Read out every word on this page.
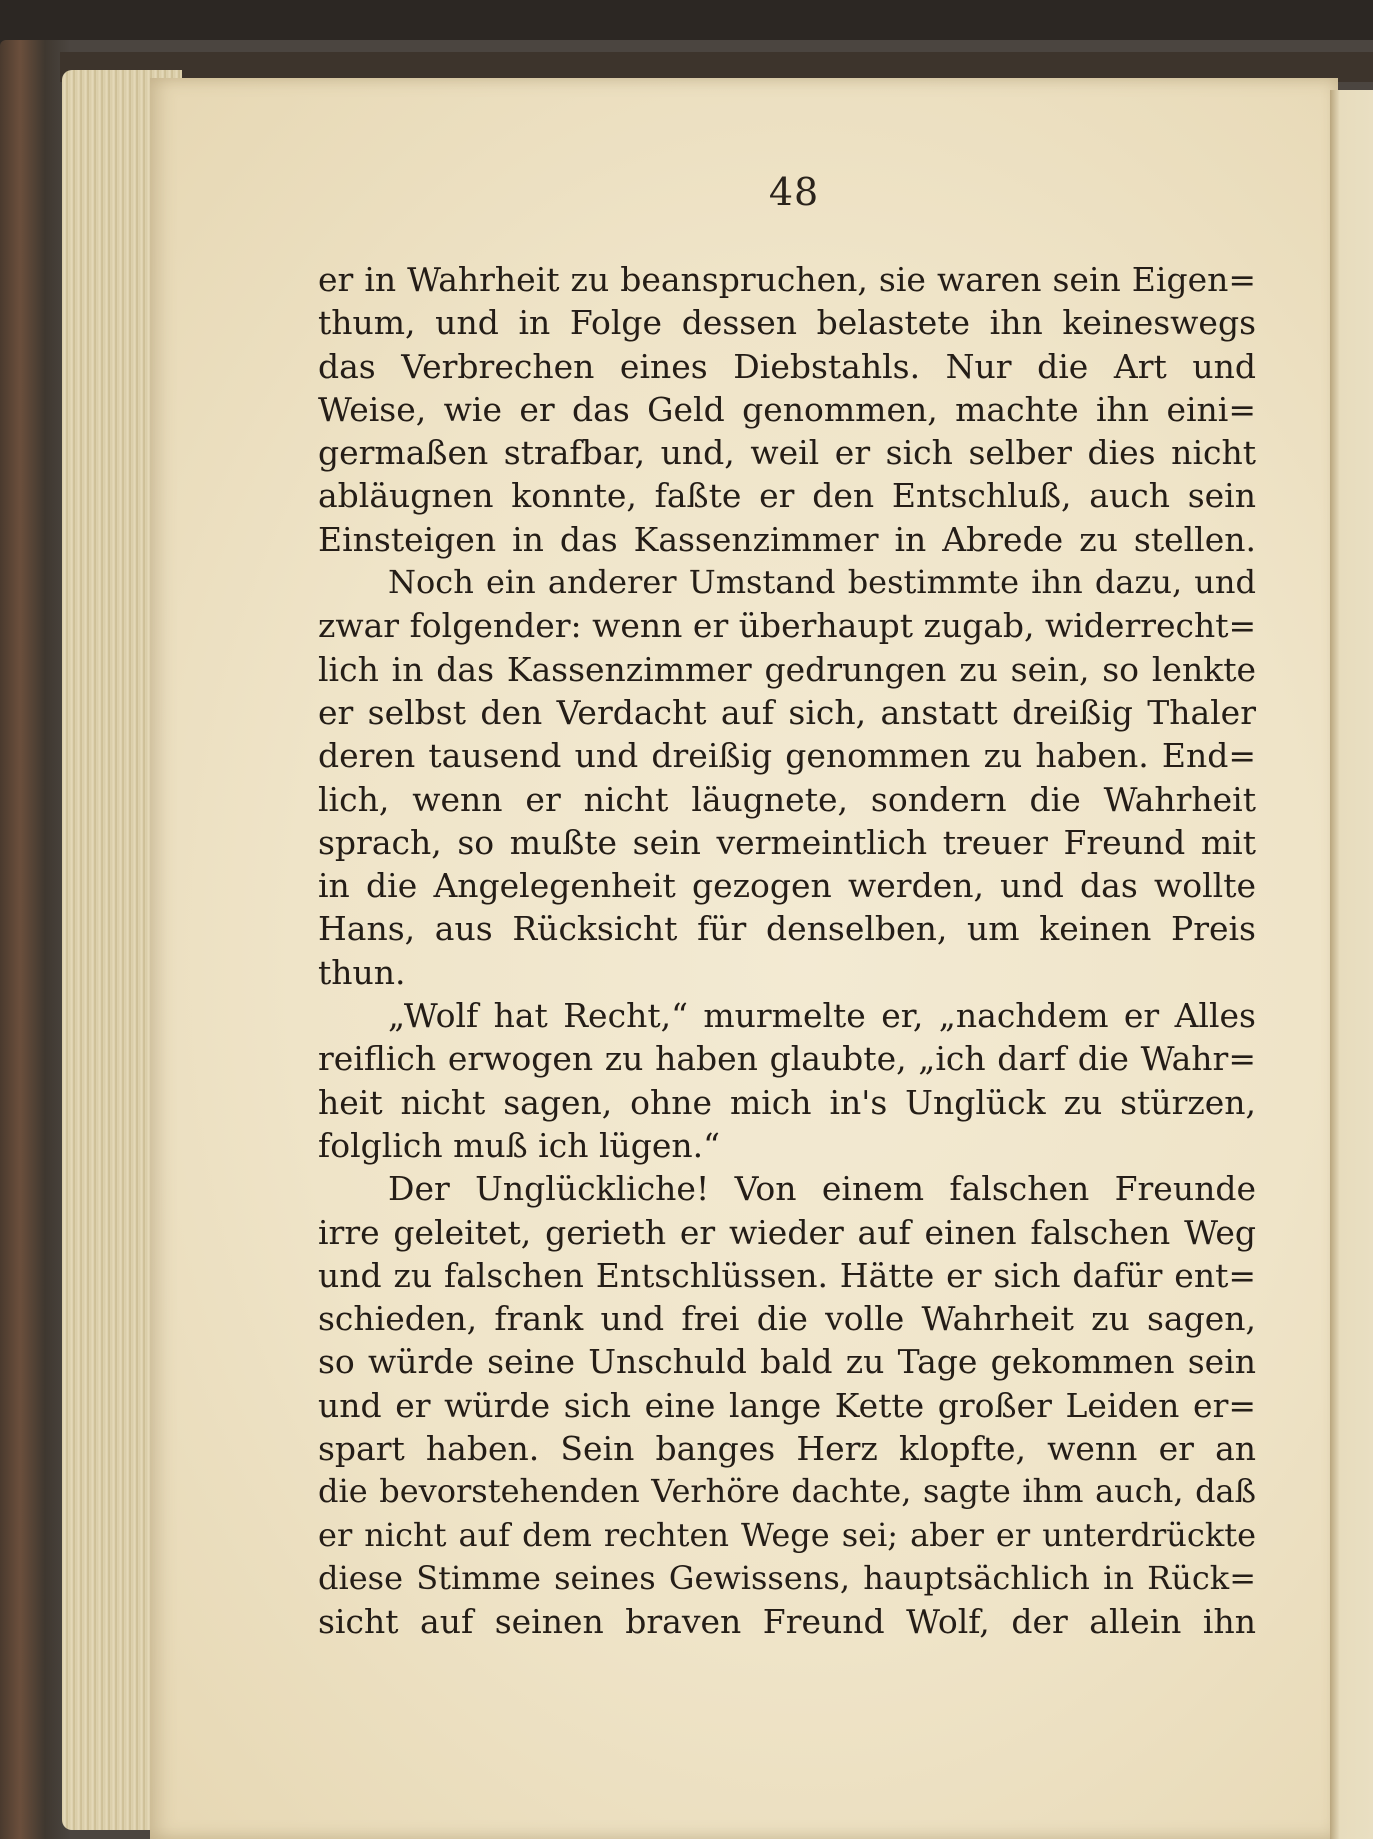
48
er in Wahrheit zu beanspruchen, sie waren sein Eigen=
thum, und in Folge dessen belastete ihn keineswegs
das Verbrechen eines Diebstahls. Nur die Art und
Weise, wie er das Geld genommen, machte ihn eini=
germaßen strafbar, und, weil er sich selber dies nicht
abläugnen konnte, faßte er den Entschluß, auch sein
Einsteigen in das Kassenzimmer in Abrede zu stellen.
Noch ein anderer Umstand bestimmte ihn dazu, und
zwar folgender: wenn er überhaupt zugab, widerrecht=
lich in das Kassenzimmer gedrungen zu sein, so lenkte
er selbst den Verdacht auf sich, anstatt dreißig Thaler
deren tausend und dreißig genommen zu haben. End=
lich, wenn er nicht läugnete, sondern die Wahrheit
sprach, so mußte sein vermeintlich treuer Freund mit
in die Angelegenheit gezogen werden, und das wollte
Hans, aus Rücksicht für denselben, um keinen Preis
thun.
„Wolf hat Recht,“ murmelte er, „nachdem er Alles
reiflich erwogen zu haben glaubte, „ich darf die Wahr=
heit nicht sagen, ohne mich in's Unglück zu stürzen,
folglich muß ich lügen.“
Der Unglückliche! Von einem falschen Freunde
irre geleitet, gerieth er wieder auf einen falschen Weg
und zu falschen Entschlüssen. Hätte er sich dafür ent=
schieden, frank und frei die volle Wahrheit zu sagen,
so würde seine Unschuld bald zu Tage gekommen sein
und er würde sich eine lange Kette großer Leiden er=
spart haben. Sein banges Herz klopfte, wenn er an
die bevorstehenden Verhöre dachte, sagte ihm auch, daß
er nicht auf dem rechten Wege sei; aber er unterdrückte
diese Stimme seines Gewissens, hauptsächlich in Rück=
sicht auf seinen braven Freund Wolf, der allein ihn
